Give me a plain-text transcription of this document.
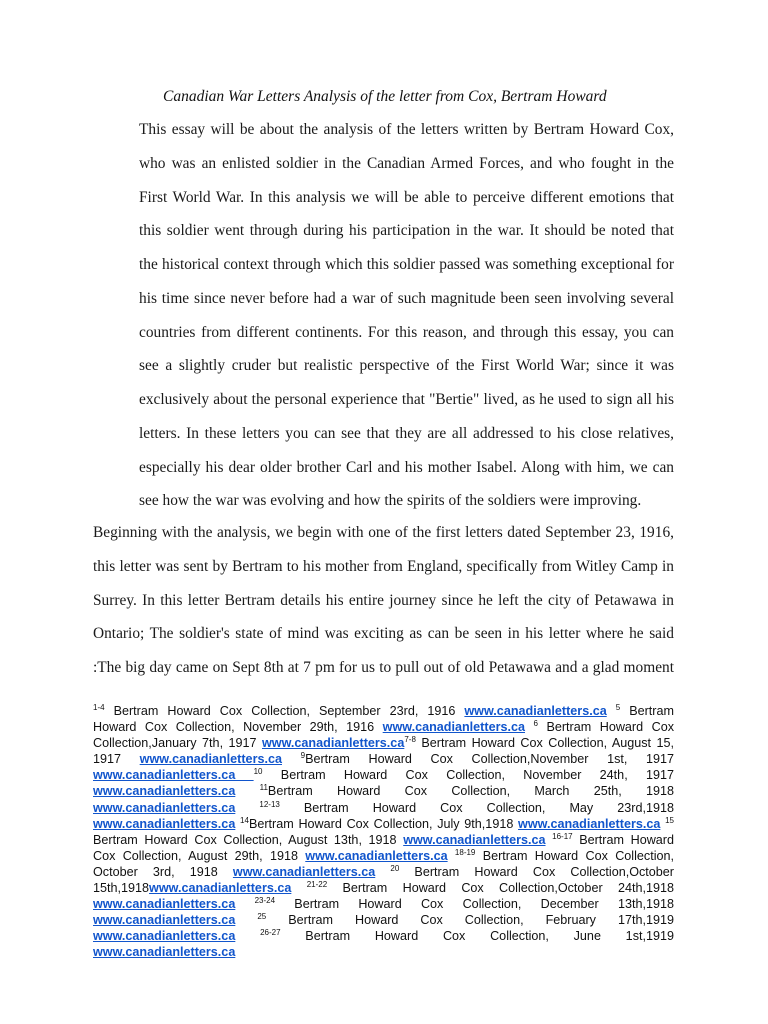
Canadian War Letters Analysis of the letter from Cox, Bertram Howard

This essay will be about the analysis of the letters written by Bertram Howard Cox,

who was an enlisted soldier in the Canadian Armed Forces, and who fought in the

First World War. In this analysis we will be able to perceive different emotions that

this soldier went through during his participation in the war. It should be noted that

the historical context through which this soldier passed was something exceptional for

his time since never before had a war of such magnitude been seen involving several

countries from different continents. For this reason, and through this essay, you can

see a slightly cruder but realistic perspective of the First World War; since it was

exclusively about the personal experience that "Bertie" lived, as he used to sign all his

letters. In these letters you can see that they are all addressed to his close relatives,

especially his dear older brother Carl and his mother Isabel. Along with him, we can

see how the war was evolving and how the spirits of the soldiers were improving.

Beginning with the analysis, we begin with one of the first letters dated September 23, 1916,

this letter was sent by Bertram to his mother from England, specifically from Witley Camp in

Surrey. In this letter Bertram details his entire journey since he left the city of Petawawa in

Ontario; The soldier's state of mind was exciting as can be seen in his letter where he said

:The big day came on Sept 8th at 7 pm for us to pull out of old Petawawa and a glad moment

$^{1-4}$ Bertram Howard Cox Collection, September 23rd, 1916 www.canadianletters.ca $^5$ Bertram
Howard Cox Collection, November 29th, 1916 www.canadianletters.ca $^6$ Bertram Howard Cox
Collection,January 7th, 1917 $www.canadianletters.ca^{7-8}$ Bertram Howard Cox Collection, August 15,
1917 www.canadianletters.ca $^9$Bertram Howard Cox Collection,November 1st, 1917
www.canadianletters.ca $^{10}$ Bertram Howard Cox Collection, November 24th, 1917
www.canadianletters.ca	$^{11}$Bertram Howard Cox Collection, March 25th, 1918
www.canadianletters.ca	$^{12-13}$ Bertram Howard Cox Collection, May 23rd,1918
www.canadianletters.ca $^{14}$Bertram Howard Cox Collection, July 9th,1918 www.canadianletters.ca $^{15}$
Bertram Howard Cox Collection, August 13th, 1918 www.canadianletters.ca $^{16-17}$ Bertram Howard
Cox Collection, August 29th, 1918 www.canadianletters.ca $^{18-19}$ Bertram Howard Cox Collection,
October 3rd, 1918 www.canadianletters.ca $^{20}$ Bertram Howard Cox Collection,October
15th,1918www.canadianletters.ca $^{21-22}$ Bertram Howard Cox Collection,October 24th,1918
www.canadianletters.ca $^{23-24}$ Bertram Howard Cox Collection, December 13th,1918
www.canadianletters.ca	$^{25}$ Bertram Howard Cox Collection, February 17th,1919
www.canadianletters.ca	$^{26-27}$ Bertram Howard Cox Collection, June 1st,1919
www.canadianletters.ca
